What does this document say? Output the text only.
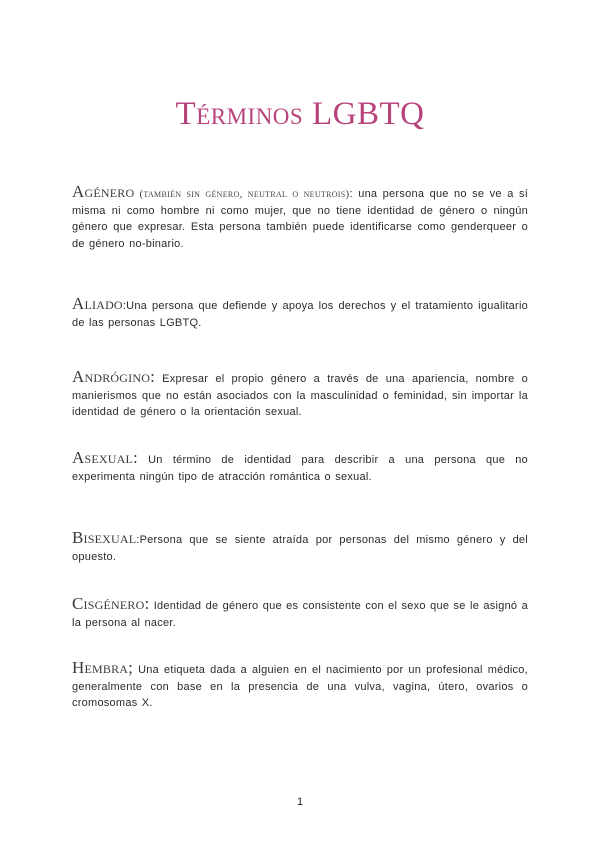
Términos LGBTQ

Agénero (también sin género, neutral o neutrois): una persona que no se ve a sí misma ni como hombre ni como mujer, que no tiene identidad de género o ningún género que expresar. Esta persona también puede identificarse como genderqueer o de género no-binario.

Aliado:Una persona que defiende y apoya los derechos y el tratamiento igualitario de las personas LGBTQ.

Andrógino: Expresar el propio género a través de una apariencia, nombre o manierismos que no están asociados con la masculinidad o feminidad, sin importar la identidad de género o la orientación sexual.

Asexual: Un término de identidad para describir a una persona que no experimenta ningún tipo de atracción romántica o sexual.

Bisexual:Persona que se siente atraída por personas del mismo género y del opuesto.

Cisgénero: Identidad de género que es consistente con el sexo que se le asignó a la persona al nacer.

Hembra; Una etiqueta dada a alguien en el nacimiento por un profesional médico, generalmente con base en la presencia de una vulva, vagina, útero, ovarios o cromosomas X.

1
